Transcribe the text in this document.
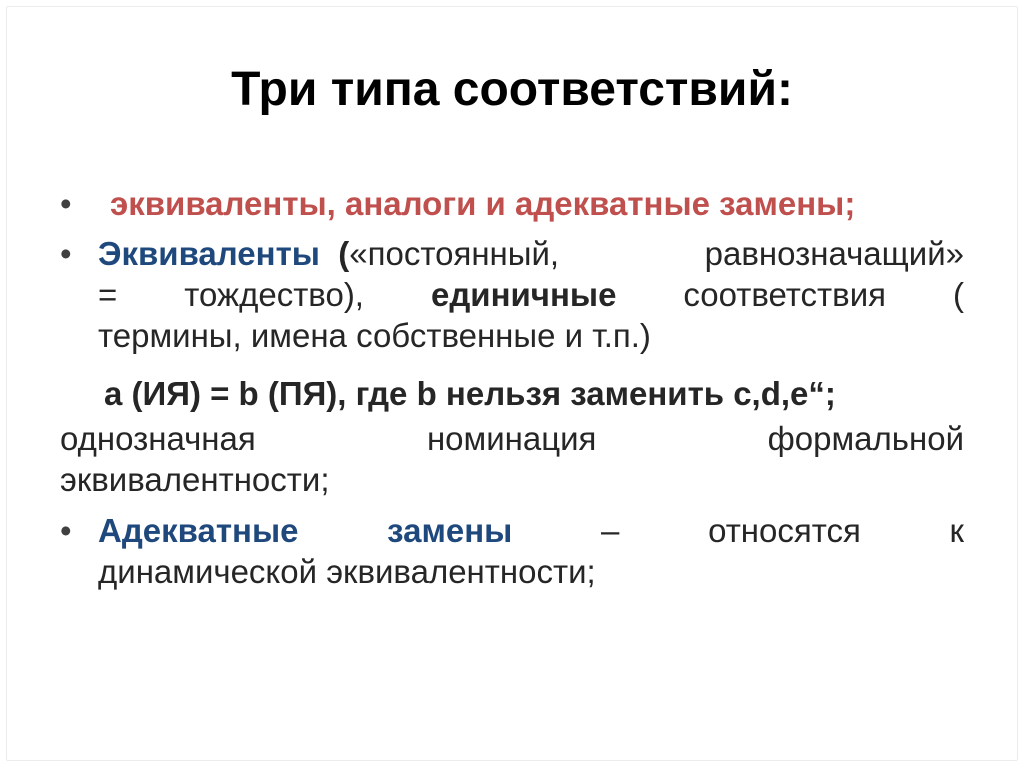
Три типа соответствий:
• эквиваленты, аналоги и адекватные замены;
• Эквиваленты («постоянный,	равнозначащий»
= тождество), единичные соответствия (
термины, имена собственные и т.п.)
a (ИЯ) = b (ПЯ), где b нельзя заменить c,d,e“;
однозначная	номинация	формальной
эквивалентности;
• Адекватные	замены	–	относятся	к
динамической эквивалентности;
